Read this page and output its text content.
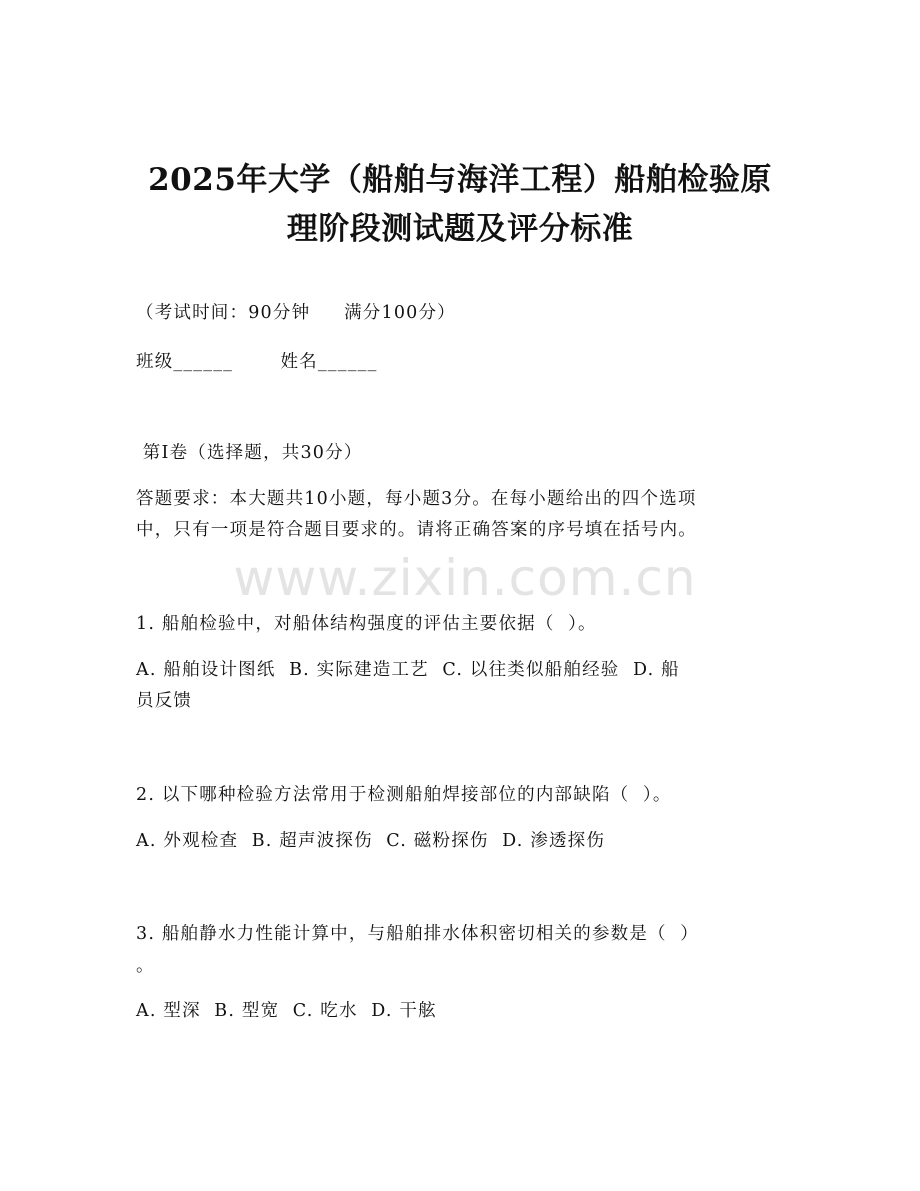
2025年大学（船舶与海洋工程）船舶检验原
理阶段测试题及评分标准
（考试时间：90分钟     满分100分）
班级______       姓名______
第I卷（选择题，共30分）
答题要求：本大题共10小题，每小题3分。在每小题给出的四个选项
中，只有一项是符合题目要求的。请将正确答案的序号填在括号内。
www.zixin.com.cn
1. 船舶检验中，对船体结构强度的评估主要依据（  ）。
A. 船舶设计图纸  B. 实际建造工艺  C. 以往类似船舶经验  D. 船
员反馈
2. 以下哪种检验方法常用于检测船舶焊接部位的内部缺陷（  ）。
A. 外观检查  B. 超声波探伤  C. 磁粉探伤  D. 渗透探伤
3. 船舶静水力性能计算中，与船舶排水体积密切相关的参数是（  ）
。
A. 型深  B. 型宽  C. 吃水  D. 干舷
